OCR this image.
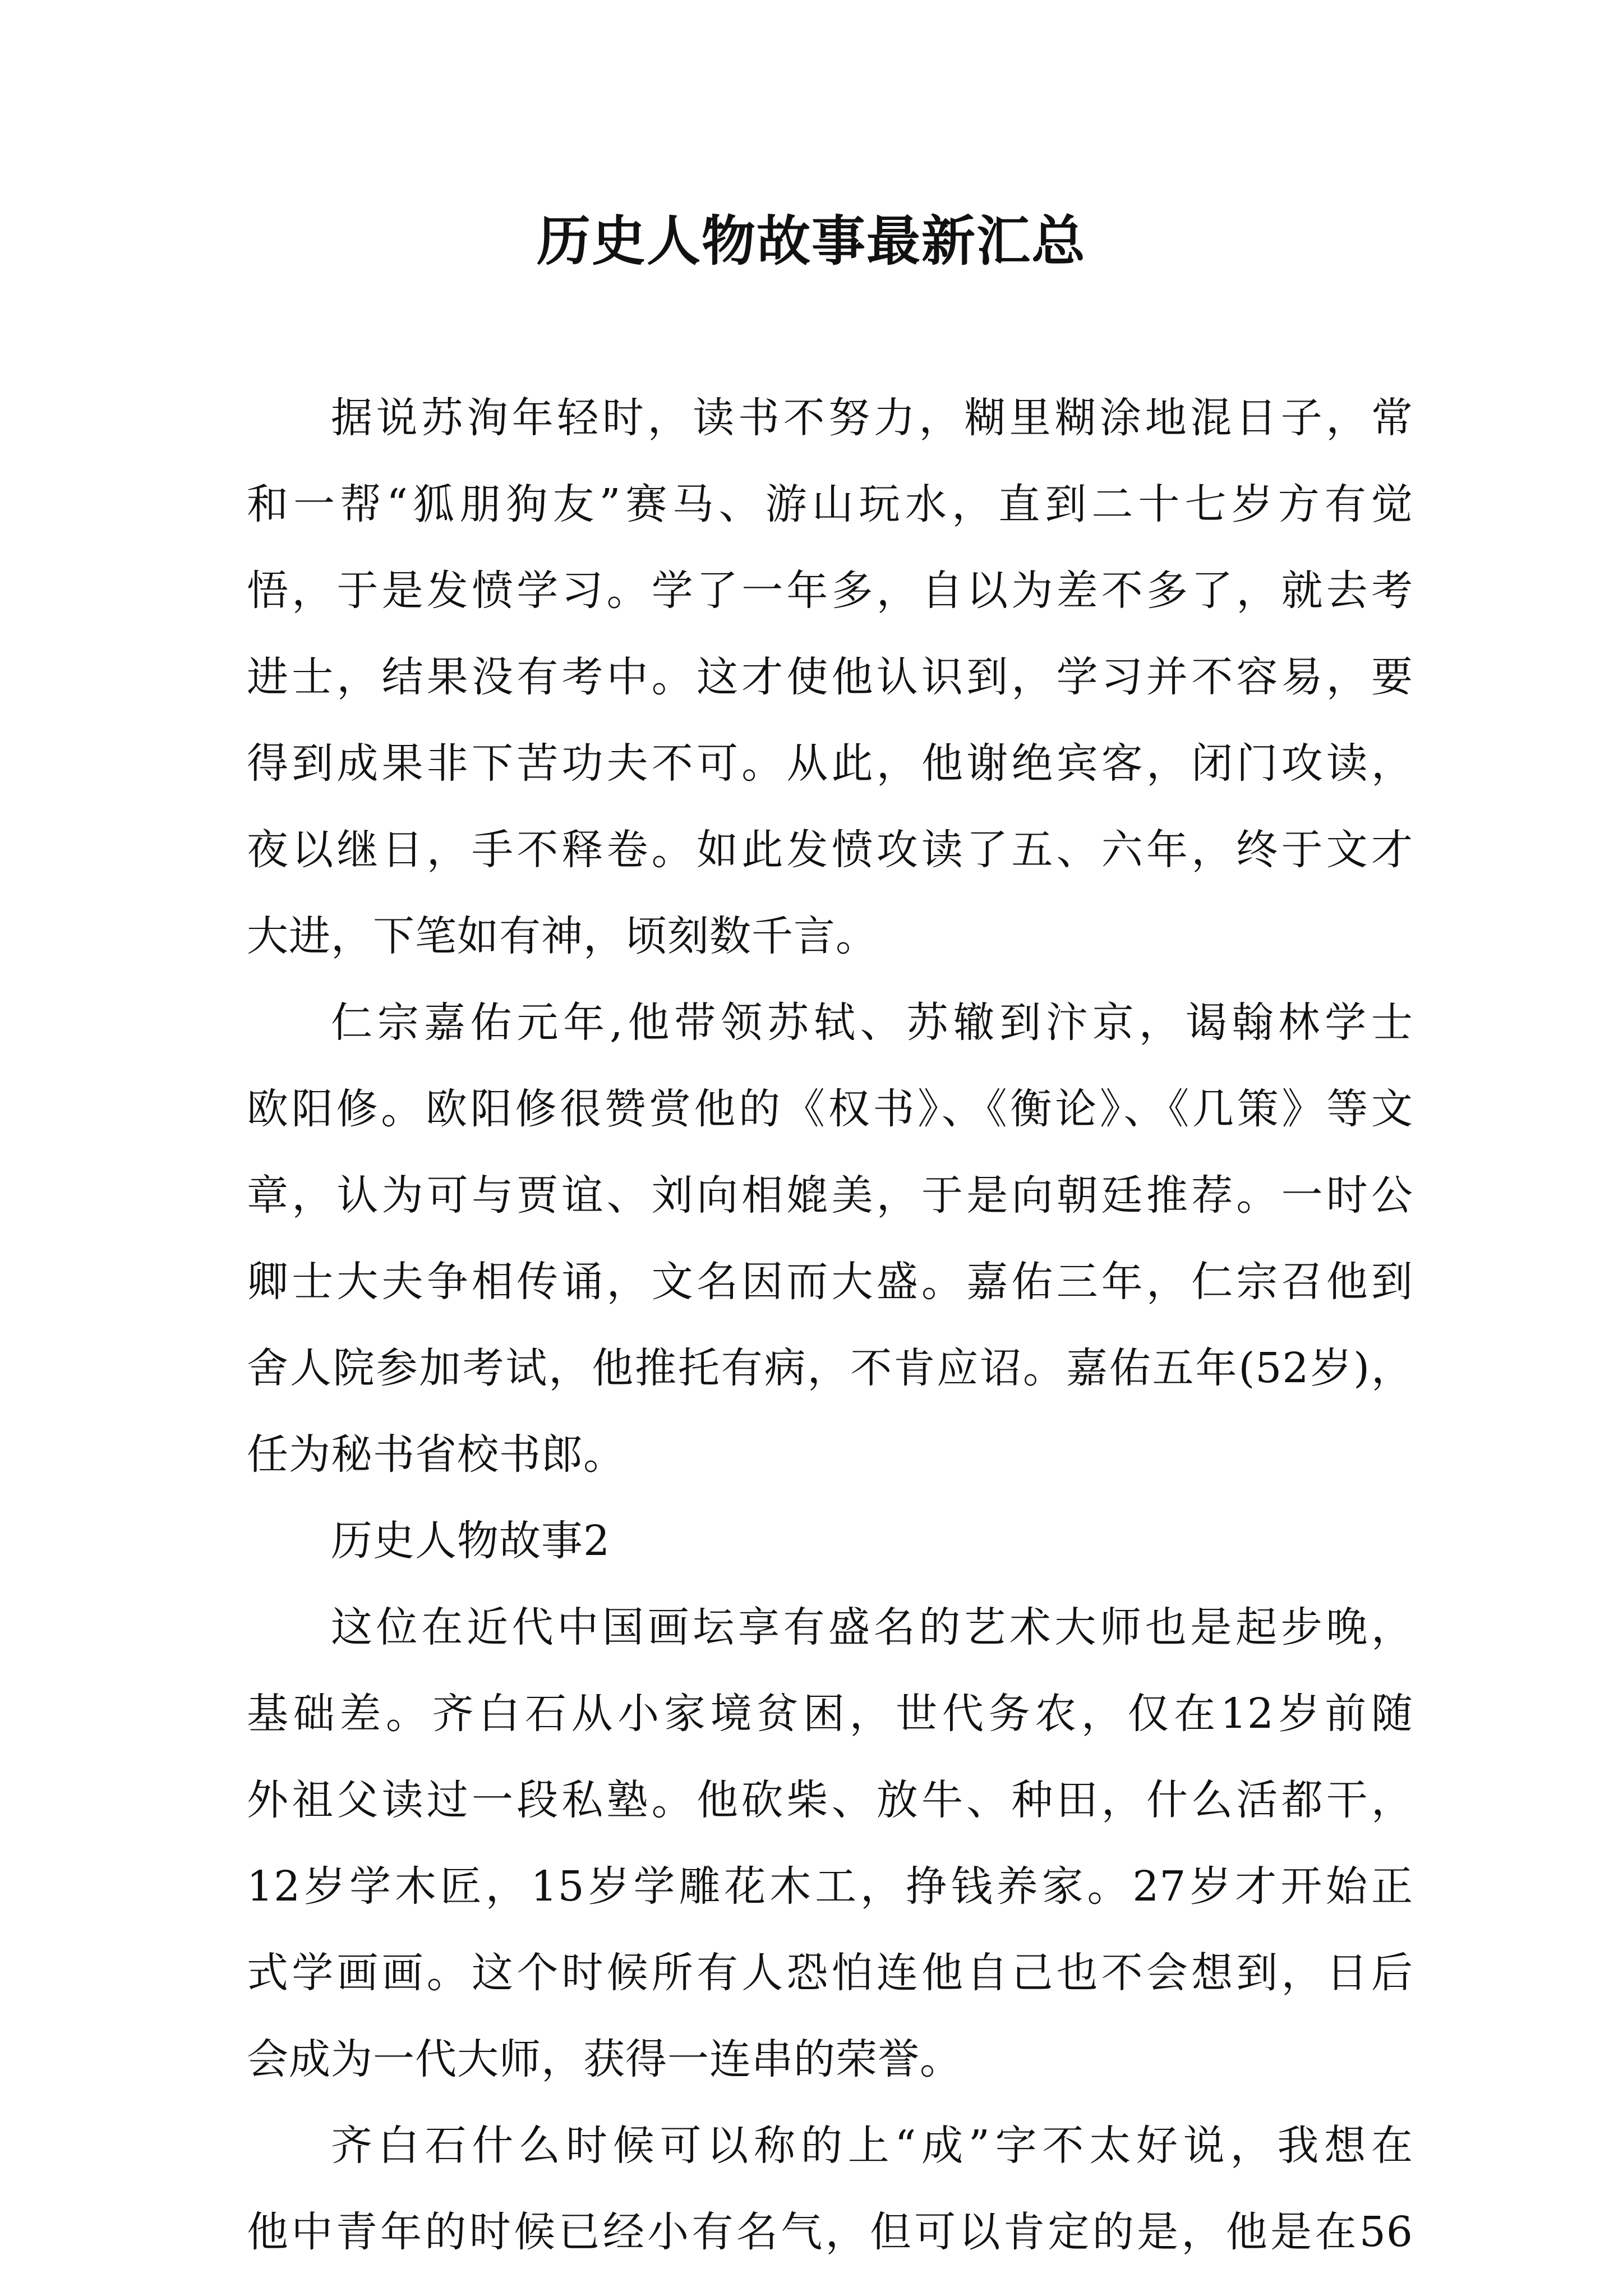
历史人物故事最新汇总
据说苏洵年轻时，读书不努力，糊里糊涂地混日子，常
和一帮“狐朋狗友”赛马、游山玩水，直到二十七岁方有觉
悟，于是发愤学习。学了一年多，自以为差不多了，就去考
进士，结果没有考中。这才使他认识到，学习并不容易，要
得到成果非下苦功夫不可。从此，他谢绝宾客，闭门攻读，
夜以继日，手不释卷。如此发愤攻读了五、六年，终于文才
大进，下笔如有神，顷刻数千言。
仁宗嘉佑元年,他带领苏轼、苏辙到汴京，谒翰林学士
欧阳修。欧阳修很赞赏他的《权书》、《衡论》、《几策》等文
章，认为可与贾谊、刘向相媲美，于是向朝廷推荐。一时公
卿士大夫争相传诵，文名因而大盛。嘉佑三年，仁宗召他到
舍人院参加考试，他推托有病，不肯应诏。嘉佑五年(52岁)，
任为秘书省校书郎。
历史人物故事2
这位在近代中国画坛享有盛名的艺术大师也是起步晚，
基础差。齐白石从小家境贫困，世代务农，仅在12岁前随
外祖父读过一段私塾。他砍柴、放牛、种田，什么活都干，
12岁学木匠，15岁学雕花木工，挣钱养家。27岁才开始正
式学画画。这个时候所有人恐怕连他自己也不会想到，日后
会成为一代大师，获得一连串的荣誉。
齐白石什么时候可以称的上“成”字不太好说，我想在
他中青年的时候已经小有名气，但可以肯定的是，他是在56
